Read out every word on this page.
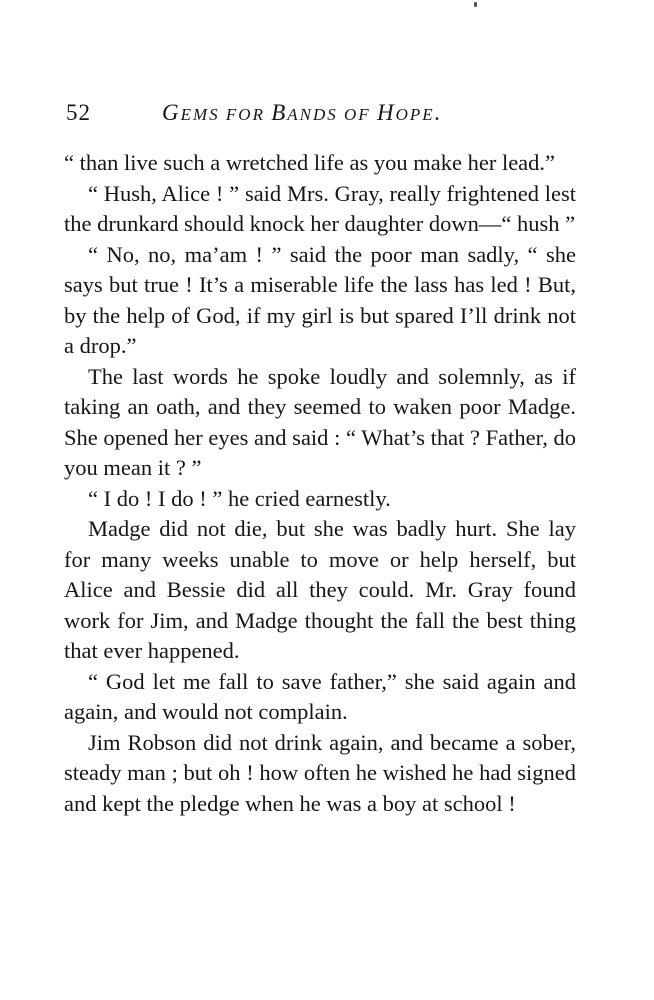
52	GEMS FOR BANDS OF HOPE.

“ than live such a wretched life as you make her lead.”

“ Hush, Alice ! ” said Mrs. Gray, really frightened lest the drunkard should knock her daughter down—“ hush ”

“ No, no, ma’am ! ” said the poor man sadly, “ she says but true ! It’s a miserable life the lass has led ! But, by the help of God, if my girl is but spared I’ll drink not a drop.”

The last words he spoke loudly and solemnly, as if taking an oath, and they seemed to waken poor Madge. She opened her eyes and said : “ What’s that ? Father, do you mean it ? ”

“ I do ! I do ! ” he cried earnestly.

Madge did not die, but she was badly hurt. She lay for many weeks unable to move or help herself, but Alice and Bessie did all they could. Mr. Gray found work for Jim, and Madge thought the fall the best thing that ever happened.

“ God let me fall to save father,” she said again and again, and would not complain.

Jim Robson did not drink again, and became a sober, steady man ; but oh ! how often he wished he had signed and kept the pledge when he was a boy at school !
